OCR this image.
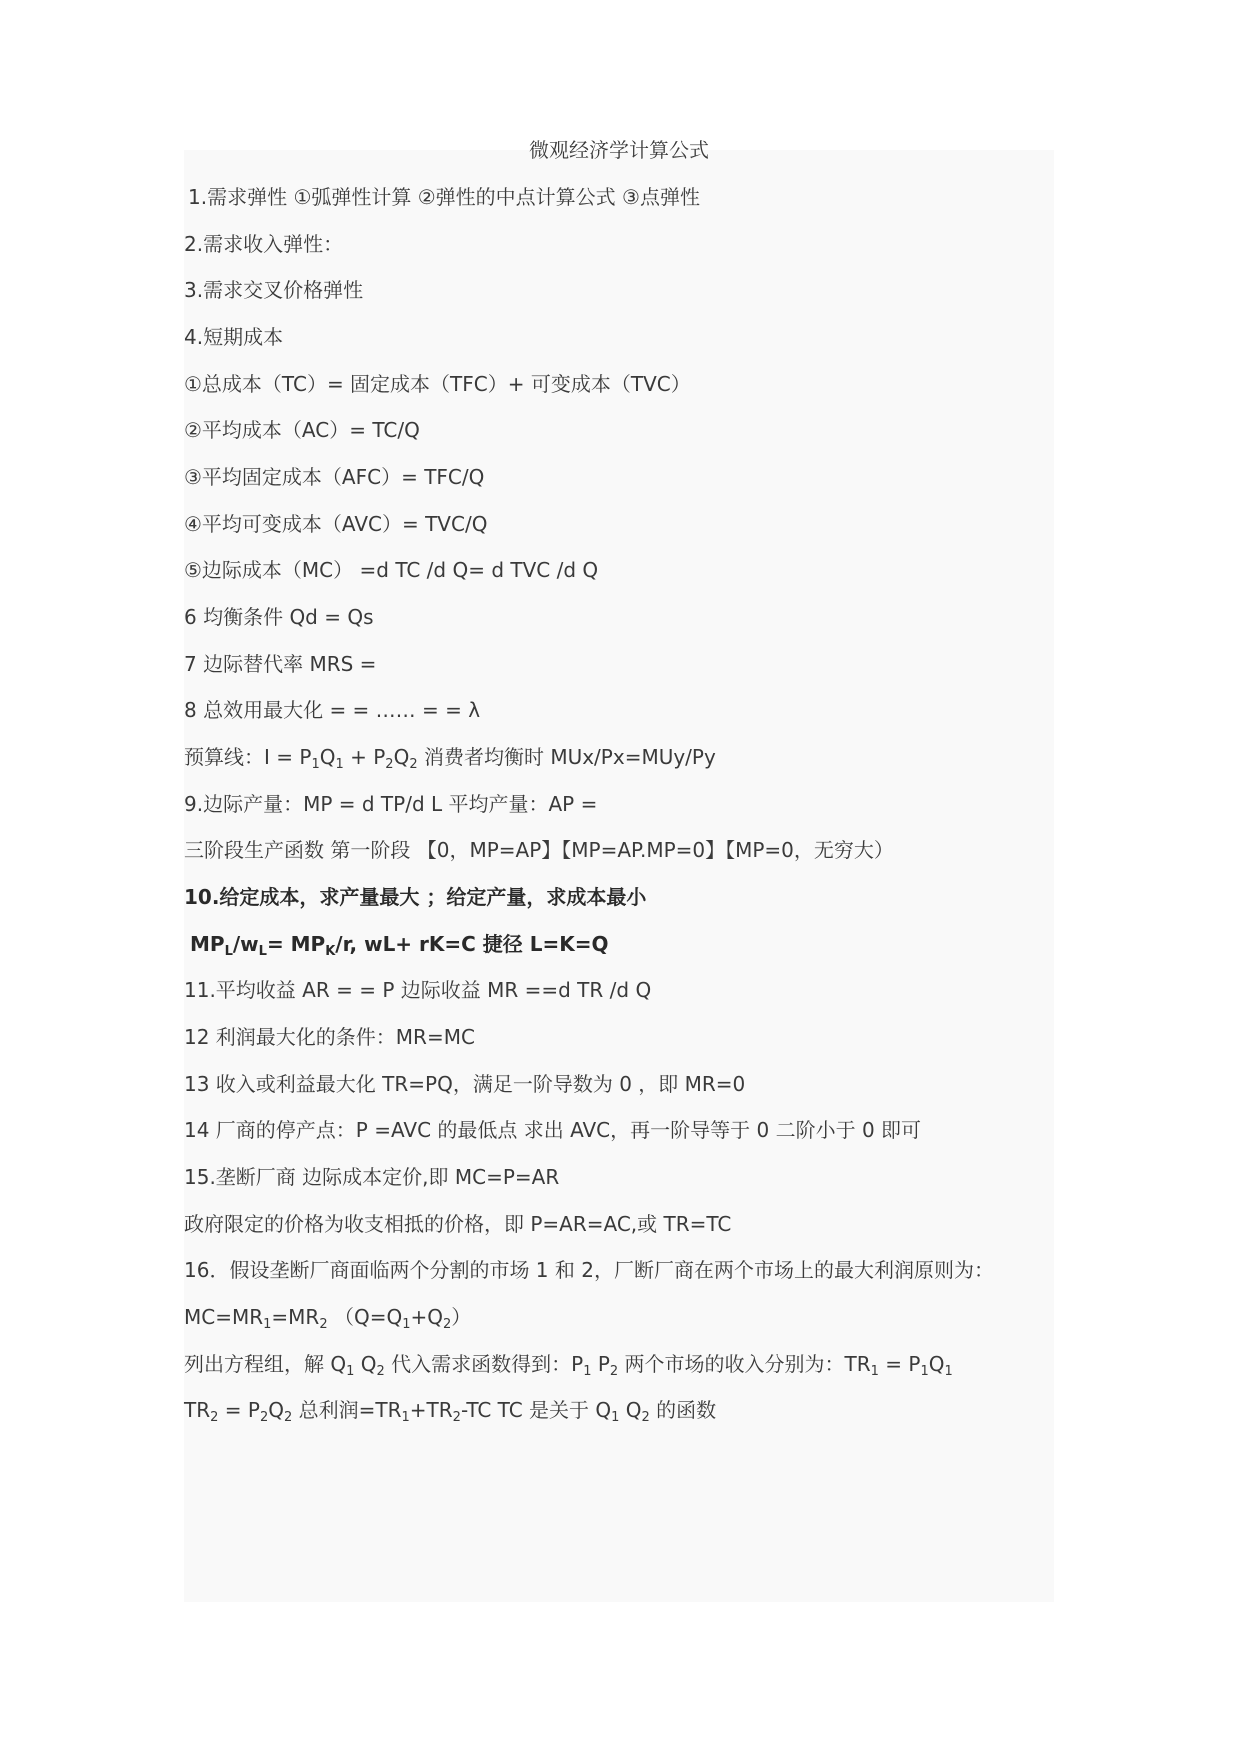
微观经济学计算公式
1.需求弹性 ①弧弹性计算 ②弹性的中点计算公式 ③点弹性
2.需求收入弹性：
3.需求交叉价格弹性
4.短期成本
①总成本（TC）= 固定成本（TFC）+ 可变成本（TVC）
②平均成本（AC）= TC/Q
③平均固定成本（AFC）= TFC/Q
④平均可变成本（AVC）= TVC/Q
⑤边际成本（MC） =d TC /d Q= d TVC /d Q
6 均衡条件 Qd = Qs
7 边际替代率 MRS =
8 总效用最大化 = = …… = = λ
预算线：$I = P_1Q_1 + P_2Q_2$ 消费者均衡时 MUx/Px=MUy/Py
9.边际产量：MP = d TP/d L 平均产量：AP =
三阶段生产函数 第一阶段 【0，MP=AP】【MP=AP.MP=0】【MP=0，无穷大）
10.给定成本，求产量最大 ；给定产量，求成本最小
$MP_L/w_L= MP_K/r$, wL+ rK=C 捷径 L=K=Q
11.平均收益 AR = = P 边际收益 MR ==d TR /d Q
12 利润最大化的条件：MR=MC
13 收入或利益最大化 TR=PQ，满足一阶导数为 0 ，即 MR=0
14 厂商的停产点：P =AVC 的最低点 求出 AVC，再一阶导等于 0 二阶小于 0 即可
15.垄断厂商 边际成本定价,即 MC=P=AR
政府限定的价格为收支相抵的价格，即 P=AR=AC,或 TR=TC
16．假设垄断厂商面临两个分割的市场 1 和 2，厂断厂商在两个市场上的最大利润原则为：
$MC=MR_1=MR_2$ $(Q=Q_1+Q_2)$
列出方程组，解 $Q_1$ $Q_2$ 代入需求函数得到：$P_1$ $P_2$ 两个市场的收入分别为：$TR_1 = P_1Q_1$
$TR_2 = P_2Q_2$ 总利润$=TR_1+TR_2-TC$ TC 是关于 $Q_1$ $Q_2$ 的函数
